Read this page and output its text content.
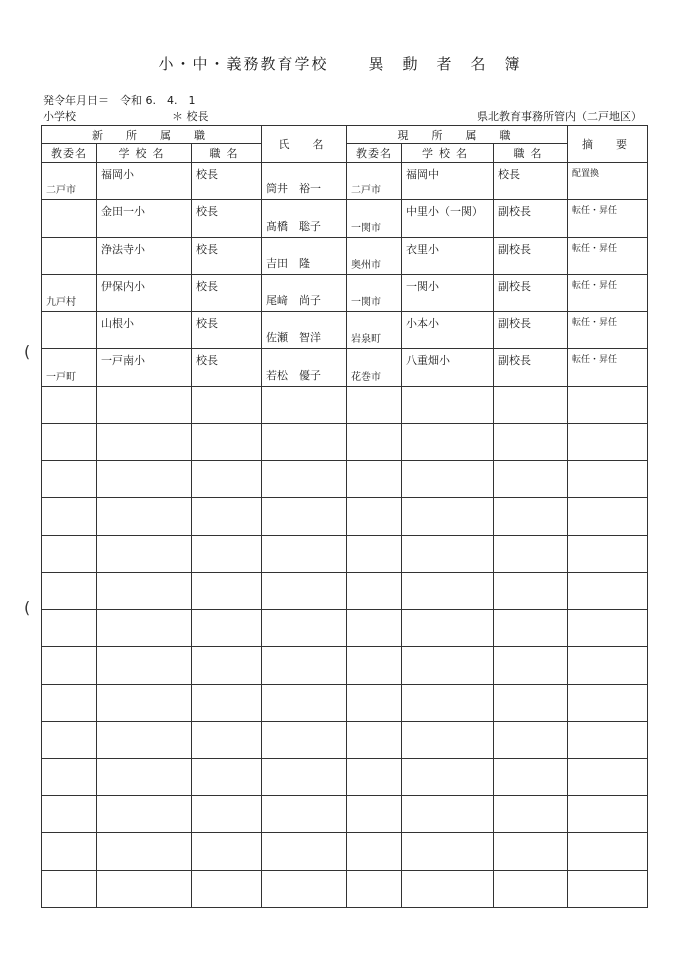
小・中・義務教育学校	異　動　者　名　簿
発令年月日＝　令和 6.　4.　1
小学校	＊ 校長	県北教育事務所管内（二戸地区）
(
(
新　所　属　職			氏　名	現　所　属　職			摘　要
教委名	学校名	職名		教委名	学校名	職名	

二戸市	福岡小	校長	筒井　裕一	二戸市	福岡中	校長	配置換

	金田一小	校長	髙橋　聡子	一関市	中里小（一関）	副校長	転任・昇任

	浄法寺小	校長	吉田　隆	奥州市	衣里小	副校長	転任・昇任

九戸村	伊保内小	校長	尾﨑　尚子	一関市	一関小	副校長	転任・昇任

	山根小	校長	佐瀬　智洋	岩泉町	小本小	副校長	転任・昇任

一戸町	一戸南小	校長	若松　優子	花巻市	八重畑小	副校長	転任・昇任
